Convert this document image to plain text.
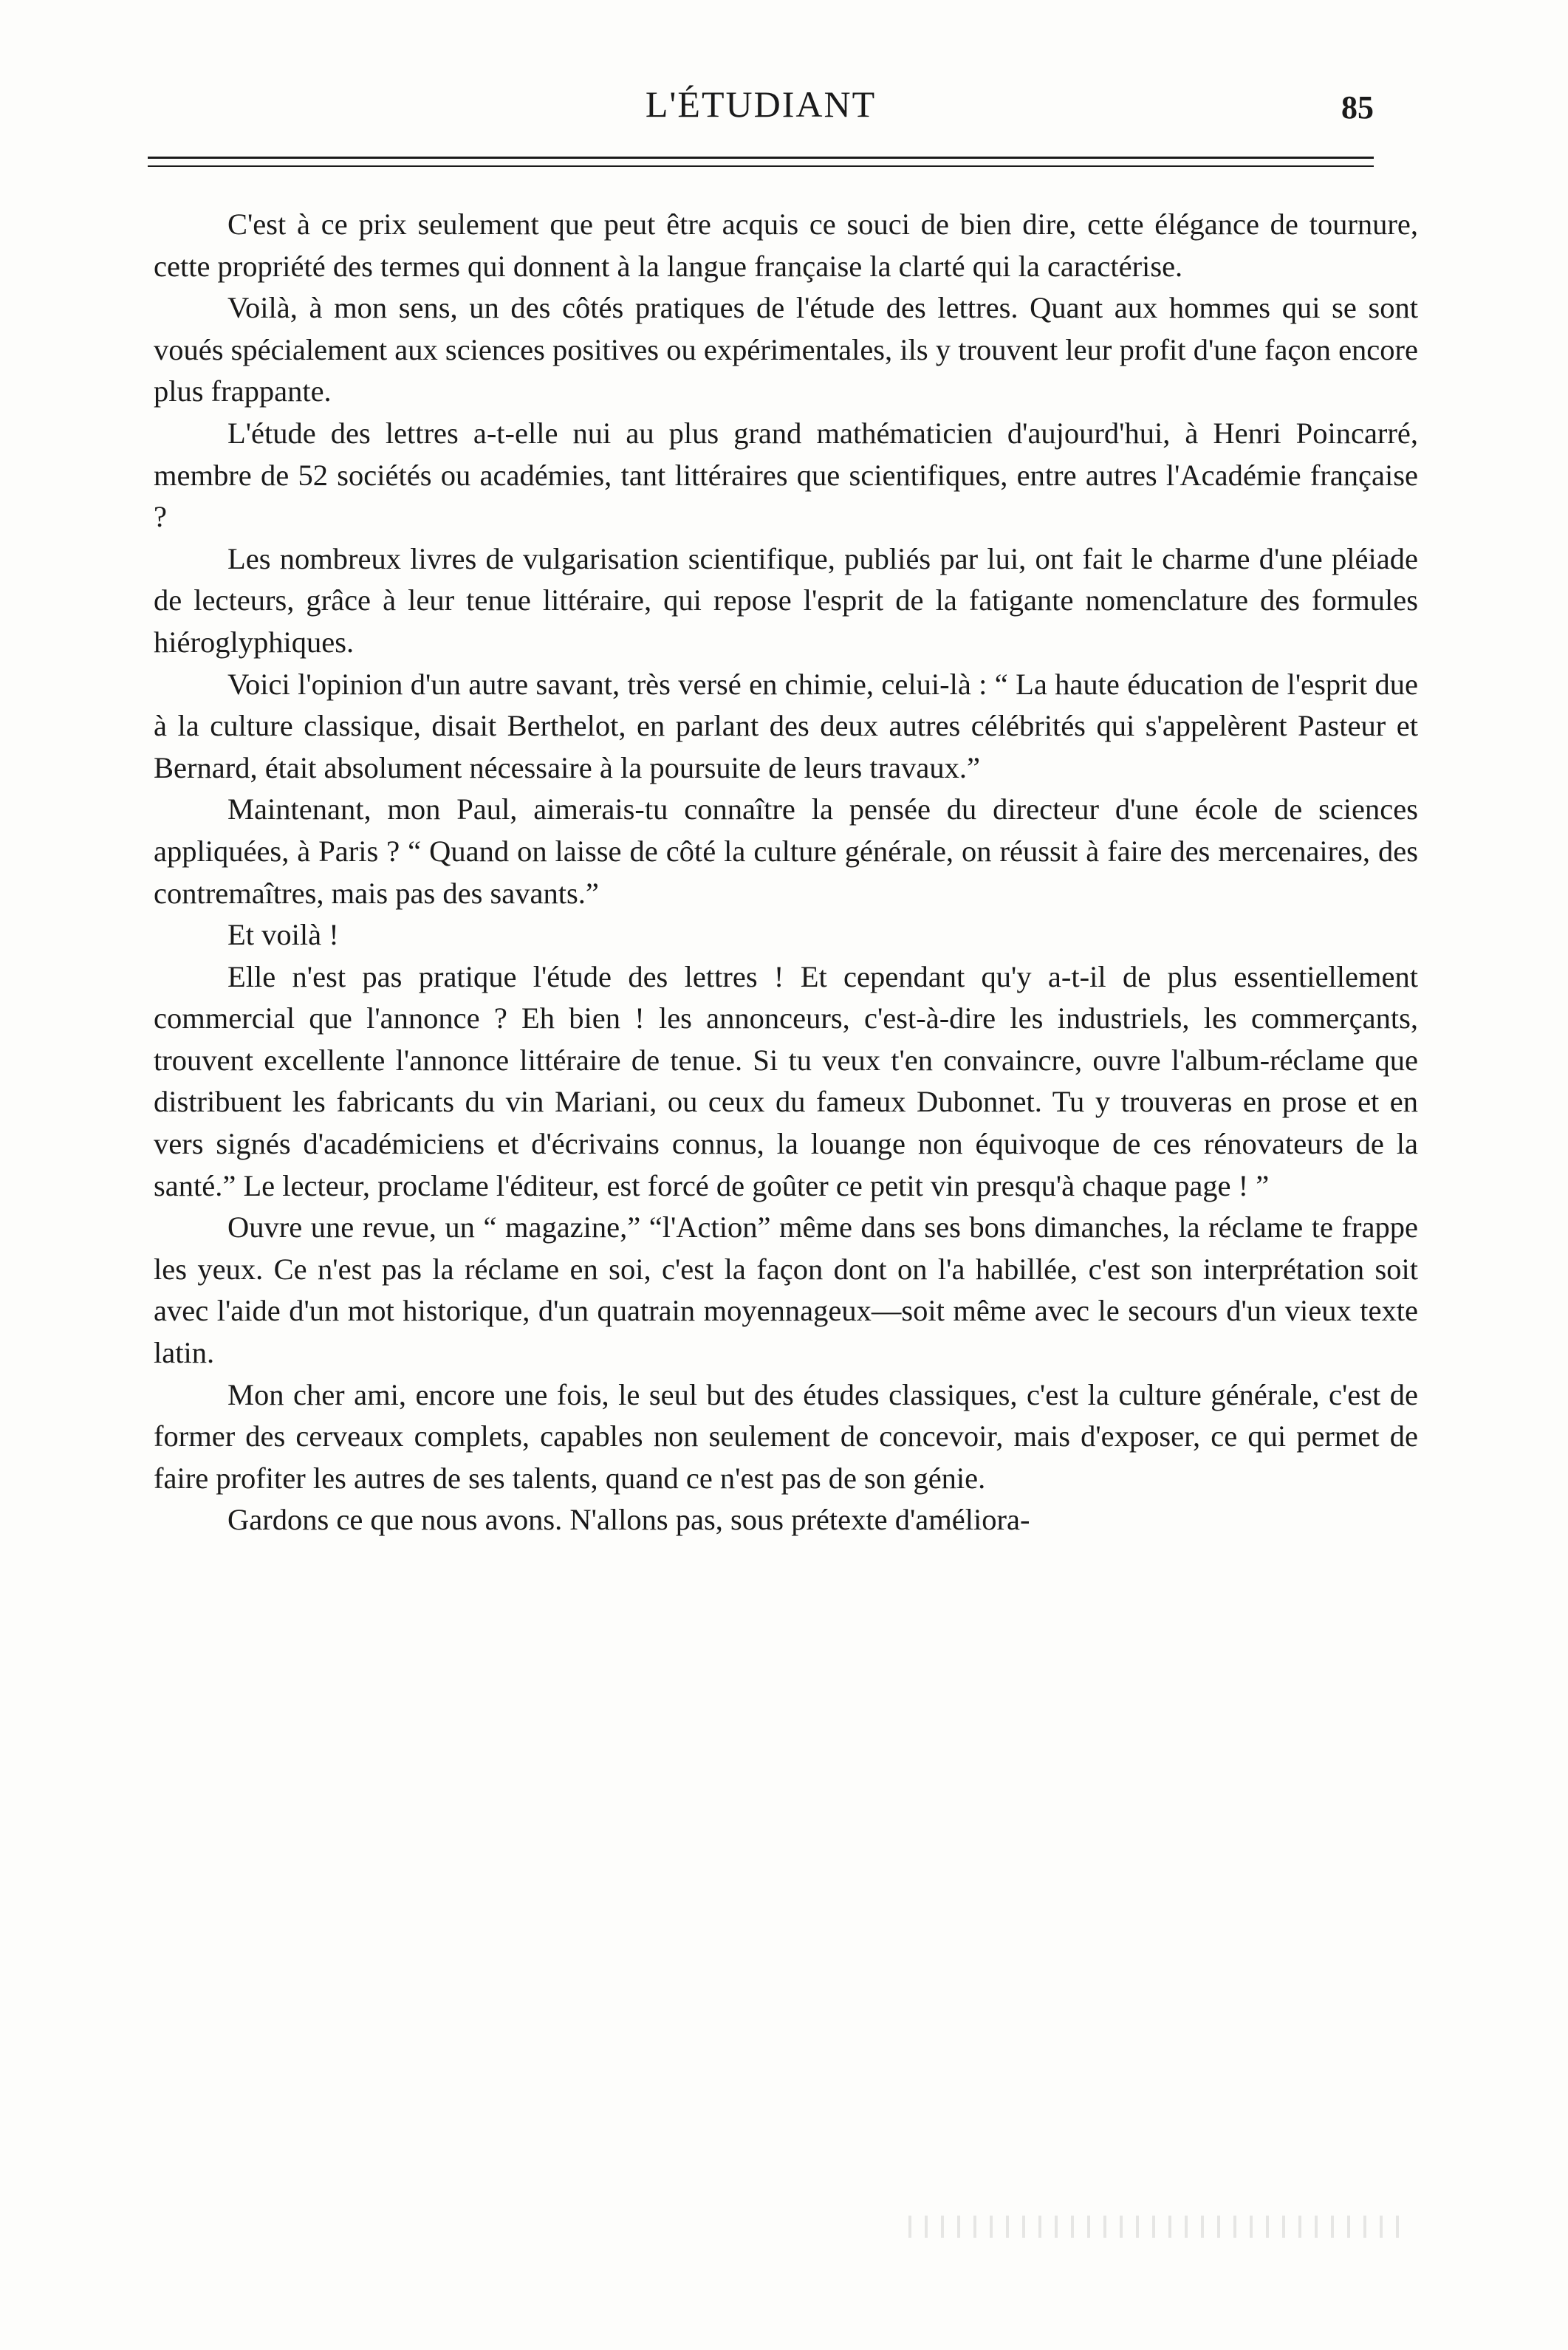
L'ÉTUDIANT	85

C'est à ce prix seulement que peut être acquis ce souci de bien dire, cette élégance de tournure, cette propriété des termes qui donnent à la langue française la clarté qui la caractérise.

Voilà, à mon sens, un des côtés pratiques de l'étude des lettres. Quant aux hommes qui se sont voués spécialement aux sciences positives ou expérimentales, ils y trouvent leur profit d'une façon encore plus frappante.

L'étude des lettres a-t-elle nui au plus grand mathématicien d'aujourd'hui, à Henri Poincarré, membre de 52 sociétés ou académies, tant littéraires que scientifiques, entre autres l'Académie française ?

Les nombreux livres de vulgarisation scientifique, publiés par lui, ont fait le charme d'une pléiade de lecteurs, grâce à leur tenue littéraire, qui repose l'esprit de la fatigante nomenclature des formules hiéroglyphiques.

Voici l'opinion d'un autre savant, très versé en chimie, celui-là : “ La haute éducation de l'esprit due à la culture classique, disait Berthelot, en parlant des deux autres célébrités qui s'appelèrent Pasteur et Bernard, était absolument nécessaire à la poursuite de leurs travaux.”

Maintenant, mon Paul, aimerais-tu connaître la pensée du directeur d'une école de sciences appliquées, à Paris ? “ Quand on laisse de côté la culture générale, on réussit à faire des mercenaires, des contremaîtres, mais pas des savants.”

Et voilà !

Elle n'est pas pratique l'étude des lettres ! Et cependant qu'y a-t-il de plus essentiellement commercial que l'annonce ? Eh bien ! les annonceurs, c'est-à-dire les industriels, les commerçants, trouvent excellente l'annonce littéraire de tenue. Si tu veux t'en convaincre, ouvre l'album-réclame que distribuent les fabricants du vin Mariani, ou ceux du fameux Dubonnet. Tu y trouveras en prose et en vers signés d'académiciens et d'écrivains connus, la louange non équivoque de ces rénovateurs de la santé.” Le lecteur, proclame l'éditeur, est forcé de goûter ce petit vin presqu'à chaque page ! ”

Ouvre une revue, un “ magazine,” “l'Action” même dans ses bons dimanches, la réclame te frappe les yeux. Ce n'est pas la réclame en soi, c'est la façon dont on l'a habillée, c'est son interprétation soit avec l'aide d'un mot historique, d'un quatrain moyennageux—soit même avec le secours d'un vieux texte latin.

Mon cher ami, encore une fois, le seul but des études classiques, c'est la culture générale, c'est de former des cerveaux complets, capables non seulement de concevoir, mais d'exposer, ce qui permet de faire profiter les autres de ses talents, quand ce n'est pas de son génie.

Gardons ce que nous avons. N'allons pas, sous prétexte d'améliora-
